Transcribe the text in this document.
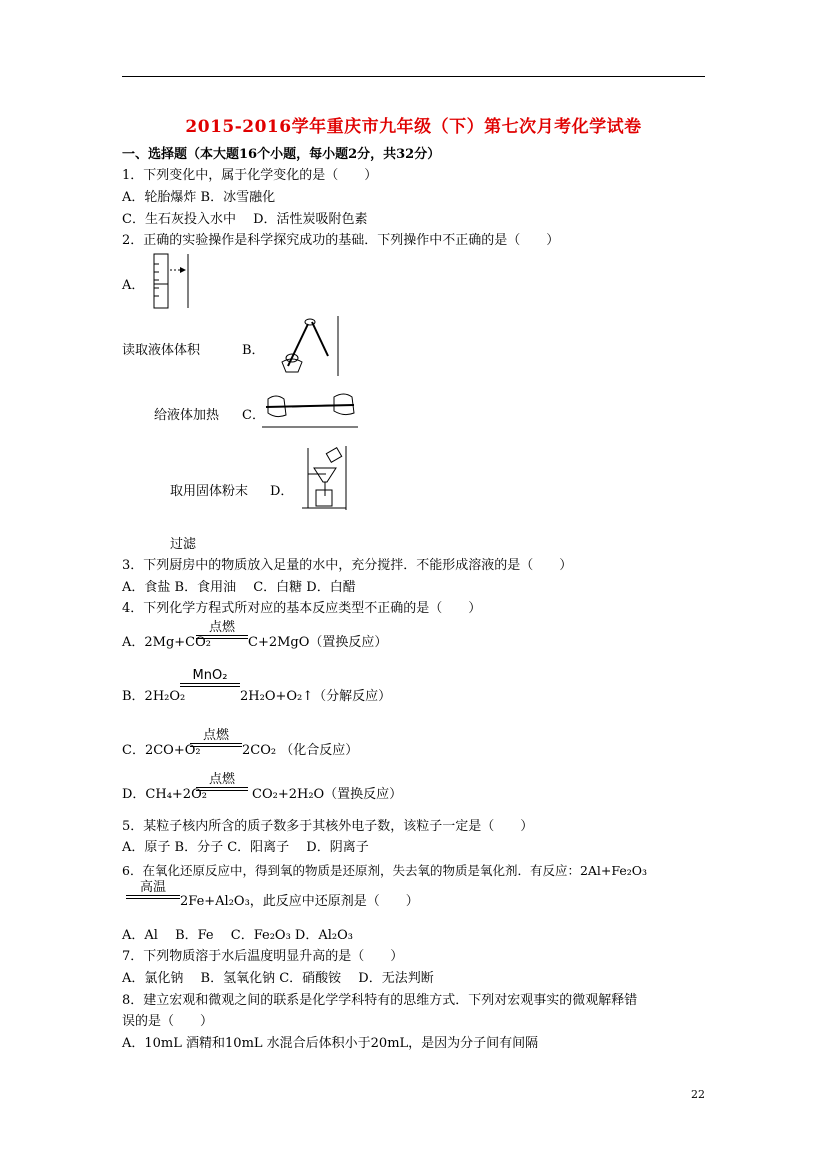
2015-2016学年重庆市九年级（下）第七次月考化学试卷
一、选择题（本大题16个小题，每小题2分，共32分）
1．下列变化中，属于化学变化的是（　　）
A．轮胎爆炸 B．冰雪融化
C．生石灰投入水中　 D．活性炭吸附色素
2．正确的实验操作是科学探究成功的基础．下列操作中不正确的是（　　）
A．
读取液体体积	B．
给液体加热 C．
取用固体粉末 D．
过滤
3．下列厨房中的物质放入足量的水中，充分搅拌．不能形成溶液的是（　　）
A．食盐 B．食用油　 C．白糖 D．白醋
4．下列化学方程式所对应的基本反应类型不正确的是（　　）
A．2Mg+CO₂
点燃
C+2MgO（置换反应）
B．2H₂O₂
MnO₂
2H₂O+O₂↑（分解反应）
C．2CO+O₂
点燃
2CO₂ （化合反应）
D．CH₄+2O₂
点燃
CO₂+2H₂O（置换反应）
5．某粒子核内所含的质子数多于其核外电子数，该粒子一定是（　　）
A．原子 B．分子 C．阳离子　 D．阴离子
6．在氧化还原反应中，得到氧的物质是还原剂，失去氧的物质是氧化剂．有反应：2Al+Fe₂O₃
高温
2Fe+Al₂O₃，此反应中还原剂是（　　）
A．Al　 B．Fe　 C．Fe₂O₃ D．Al₂O₃
7．下列物质溶于水后温度明显升高的是（　　）
A．氯化钠　 B．氢氧化钠 C．硝酸铵　 D．无法判断
8．建立宏观和微观之间的联系是化学学科特有的思维方式．下列对宏观事实的微观解释错
误的是（　　）
A．10mL 酒精和10mL 水混合后体积小于20mL，是因为分子间有间隔
22
